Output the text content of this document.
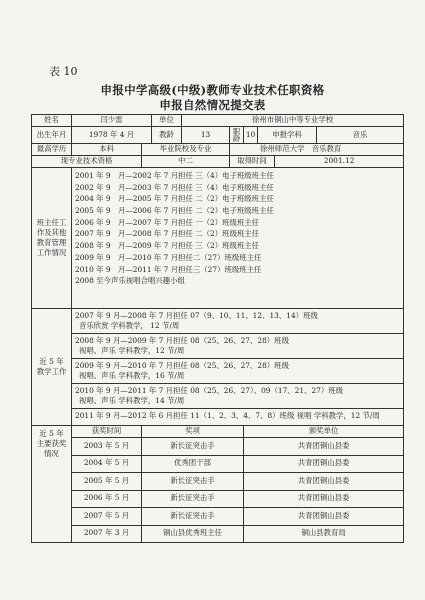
表 10
申报中学高级(中级)教师专业技术任职资格
申报自然情况提交表
姓名	闫少雷	单位	徐州市铜山中等专业学校
出生年月	1978 年 4 月	教龄	13	职龄	10	申报学科	音乐
最高学历	本科	毕业院校及专业	徐州师范大学　音乐教育
现专业技术资格	中二	取得时间	2001.12
班主任工作及其他教育管理工作情况	
2001 年 9　月—2002 年 7 月担任 三（4）电子班级班主任
2002 年 9　月—2003 年 7 月担任 三（4）电子班级班主任
2004 年 9　月—2005 年 7 月担任 二（2）电子班级班主任
2005 年 9　月—2006 年 7 月担任 二（2）电子班级班主任
2006 年 9　月—2007 年 7 月担任 一（2）班级班主任
2007 年 9　月—2008 年 7 月担任 二（2）班级班主任
2008 年 9　月—2009 年 7 月担任 三（2）班级班主任
2009 年 9　月—2010 年 7 月担任二（27）班级班主任
2010 年 9　月—2011 年 7 月担任三（27）班级班主任
2008 至今声乐视唱合唱兴趣小组

近 5 年教学工作	
2007 年 9 月—2008 年 7 月担任 07（9、10、11、12、13、14）班级
音乐欣赏 学科教学， 12 节/周

2008 年 9 月—2009 年 7 月担任 08（25、26、27、28）班级
视唱、声乐 学科教学，12 节/周

2009 年 9 月—2010 年 7 月担任 08（25、26、27、28）班级
视唱、声乐 学科教学，16 节/周

2010 年 9 月—2011 年 7 月担任 08（25、26、27）、09（17、21、27）班级
视唱、声乐 学科教学，14 节/周

2011 年 9 月—2012 年 6 月担任 11（1、2、3、4、7、8）班级 视唱 学科教学，12 节/周

近 5 年主要获奖情况	获奖时间	奖项	颁奖单位
2003 年 5 月	新长征突击手	共青团铜山县委
2004 年 5 月	优秀团干部	共青团铜山县委
2005 年 5 月	新长征突击手	共青团铜山县委
2006 年 5 月	新长征突击手	共青团铜山县委
2007 年 5 月	新长征突击手	共青团铜山县委
2007 年 3 月	铜山县优秀班主任	铜山县教育局
